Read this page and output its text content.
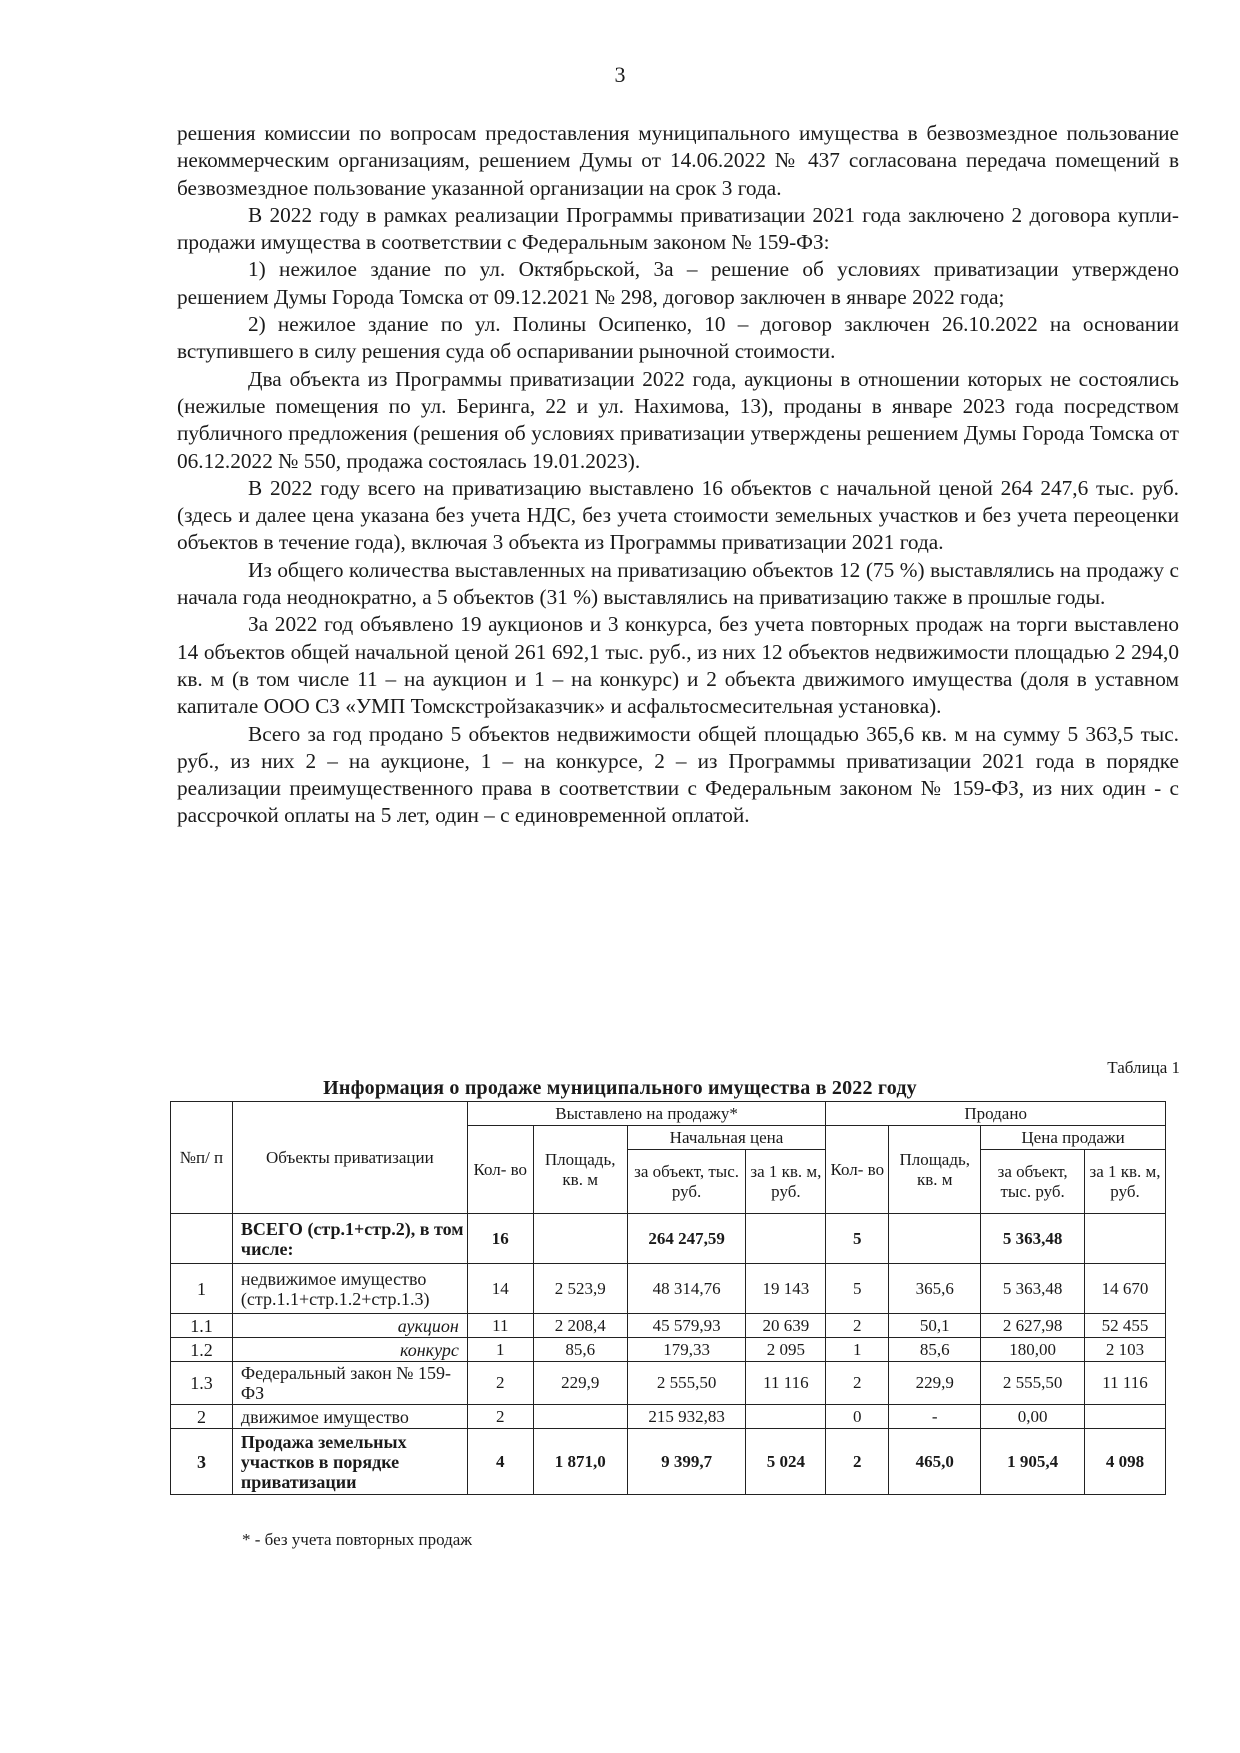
3

решения комиссии по вопросам предоставления муниципального имущества в безвозмездное пользование некоммерческим организациям, решением Думы от 14.06.2022 № 437 согласована передача помещений в безвозмездное пользование указанной организации на срок 3 года.

В 2022 году в рамках реализации Программы приватизации 2021 года заключено 2 договора купли-продажи имущества в соответствии с Федеральным законом № 159-ФЗ:

1) нежилое здание по ул. Октябрьской, 3а – решение об условиях приватизации утверждено решением Думы Города Томска от 09.12.2021 № 298, договор заключен в январе 2022 года;

2) нежилое здание по ул. Полины Осипенко, 10 – договор заключен 26.10.2022 на основании вступившего в силу решения суда об оспаривании рыночной стоимости.

Два объекта из Программы приватизации 2022 года, аукционы в отношении которых не состоялись (нежилые помещения по ул. Беринга, 22 и ул. Нахимова, 13), проданы в январе 2023 года посредством публичного предложения (решения об условиях приватизации утверждены решением Думы Города Томска от 06.12.2022 № 550, продажа состоялась 19.01.2023).

В 2022 году всего на приватизацию выставлено 16 объектов с начальной ценой 264 247,6 тыс. руб. (здесь и далее цена указана без учета НДС, без учета стоимости земельных участков и без учета переоценки объектов в течение года), включая 3 объекта из Программы приватизации 2021 года.

Из общего количества выставленных на приватизацию объектов 12 (75 %) выставлялись на продажу с начала года неоднократно, а 5 объектов (31 %) выставлялись на приватизацию также в прошлые годы.

За 2022 год объявлено 19 аукционов и 3 конкурса, без учета повторных продаж на торги выставлено 14 объектов общей начальной ценой 261 692,1 тыс. руб., из них 12 объектов недвижимости площадью 2 294,0 кв. м (в том числе 11 – на аукцион и 1 – на конкурс) и 2 объекта движимого имущества (доля в уставном капитале ООО СЗ «УМП Томскстройзаказчик» и асфальтосмесительная установка).

Всего за год продано 5 объектов недвижимости общей площадью 365,6 кв. м на сумму 5 363,5 тыс. руб., из них 2 – на аукционе, 1 – на конкурсе, 2 – из Программы приватизации 2021 года в порядке реализации преимущественного права в соответствии с Федеральным законом № 159-ФЗ, из них один - с рассрочкой оплаты на 5 лет, один – с единовременной оплатой.

Таблица 1
Информация о продаже муниципального имущества в 2022 году
№п/ п	Объекты приватизации	Выставлено на продажу*				Продано			
		Кол- во	Площадь, кв. м	Начальная цена		Кол- во	Площадь, кв. м	Цена продажи	
				за объект, тыс. руб.	за 1 кв. м, руб.			за объект, тыс. руб.	за 1 кв. м, руб.
	ВСЕГО (стр.1+стр.2), в том числе:	16		264 247,59		5		5 363,48	
1	недвижимое имущество (стр.1.1+стр.1.2+стр.1.3)	14	2 523,9	48 314,76	19 143	5	365,6	5 363,48	14 670
1.1	аукцион	11	2 208,4	45 579,93	20 639	2	50,1	2 627,98	52 455
1.2	конкурс	1	85,6	179,33	2 095	1	85,6	180,00	2 103
1.3	Федеральный закон № 159-ФЗ	2	229,9	2 555,50	11 116	2	229,9	2 555,50	11 116
2	движимое имущество	2		215 932,83		0	-	0,00	
3	Продажа земельных участков в порядке приватизации	4	1 871,0	9 399,7	5 024	2	465,0	1 905,4	4 098
* - без учета повторных продаж
